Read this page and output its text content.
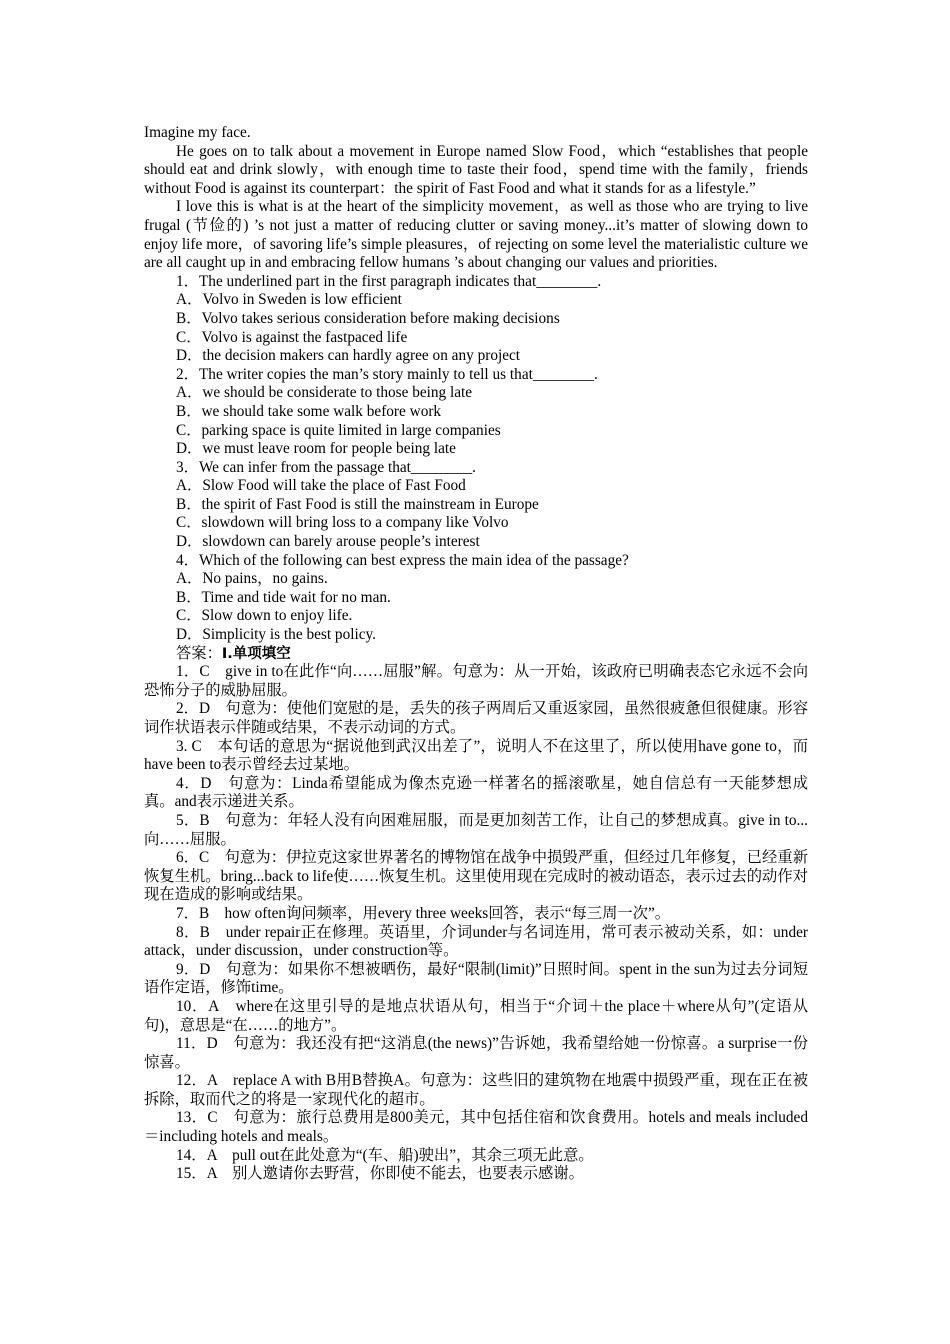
Imagine my face.

He goes on to talk about a movement in Europe named Slow Food，which “establishes that people should eat and drink slowly，with enough time to taste their food，spend time with the family，friends without Food is against its counterpart：the spirit of Fast Food and what it stands for as a lifestyle.”

I love this is what is at the heart of the simplicity movement，as well as those who are trying to live frugal (节俭的) ’s not just a matter of reducing clutter or saving money...it’s matter of slowing down to enjoy life more，of savoring life’s simple pleasures，of rejecting on some level the materialistic culture we are all caught up in and embracing fellow humans ’s about changing our values and priorities.

1．The underlined part in the first paragraph indicates that________.

A．Volvo in Sweden is low efficient

B．Volvo takes serious consideration before making decisions

C．Volvo is against the fastpaced life

D．the decision makers can hardly agree on any project

2．The writer copies the man’s story mainly to tell us that________.

A．we should be considerate to those being late

B．we should take some walk before work

C．parking space is quite limited in large companies

D．we must leave room for people being late

3．We can infer from the passage that________.

A．Slow Food will take the place of Fast Food

B．the spirit of Fast Food is still the mainstream in Europe

C．slowdown will bring loss to a company like Volvo

D．slowdown can barely arouse people’s interest

4．Which of the following can best express the main idea of the passage?

A．No pains，no gains.

B．Time and tide wait for no man.

C．Slow down to enjoy life.

D．Simplicity is the best policy.

答案：Ⅰ.单项填空

1．C　give in to在此作“向……屈服”解。句意为：从一开始，该政府已明确表态它永远不会向恐怖分子的威胁屈服。

2．D　句意为：使他们宽慰的是，丢失的孩子两周后又重返家园，虽然很疲惫但很健康。形容词作状语表示伴随或结果，不表示动词的方式。

3. C　本句话的意思为“据说他到武汉出差了”，说明人不在这里了，所以使用have gone to，而have been to表示曾经去过某地。

4．D　句意为：Linda希望能成为像杰克逊一样著名的摇滚歌星，她自信总有一天能梦想成真。and表示递进关系。

5．B　句意为：年轻人没有向困难屈服，而是更加刻苦工作，让自己的梦想成真。give in to...向……屈服。

6．C　句意为：伊拉克这家世界著名的博物馆在战争中损毁严重，但经过几年修复，已经重新恢复生机。bring...back to life使……恢复生机。这里使用现在完成时的被动语态，表示过去的动作对现在造成的影响或结果。

7．B　how often询问频率，用every three weeks回答，表示“每三周一次”。

8．B　under repair正在修理。英语里，介词under与名词连用，常可表示被动关系，如：under attack，under discussion，under construction等。

9．D　句意为：如果你不想被晒伤，最好“限制(limit)”日照时间。spent in the sun为过去分词短语作定语，修饰time。

10．A　where在这里引导的是地点状语从句，相当于“介词＋the place＋where从句”(定语从句)，意思是“在……的地方”。

11．D　句意为：我还没有把“这消息(the news)”告诉她，我希望给她一份惊喜。a surprise一份惊喜。

12．A　replace A with B用B替换A。句意为：这些旧的建筑物在地震中损毁严重，现在正在被拆除，取而代之的将是一家现代化的超市。

13．C　句意为：旅行总费用是800美元，其中包括住宿和饮食费用。hotels and meals included＝including hotels and meals。

14．A　pull out在此处意为“(车、船)驶出”，其余三项无此意。

15．A　别人邀请你去野营，你即使不能去，也要表示感谢。
